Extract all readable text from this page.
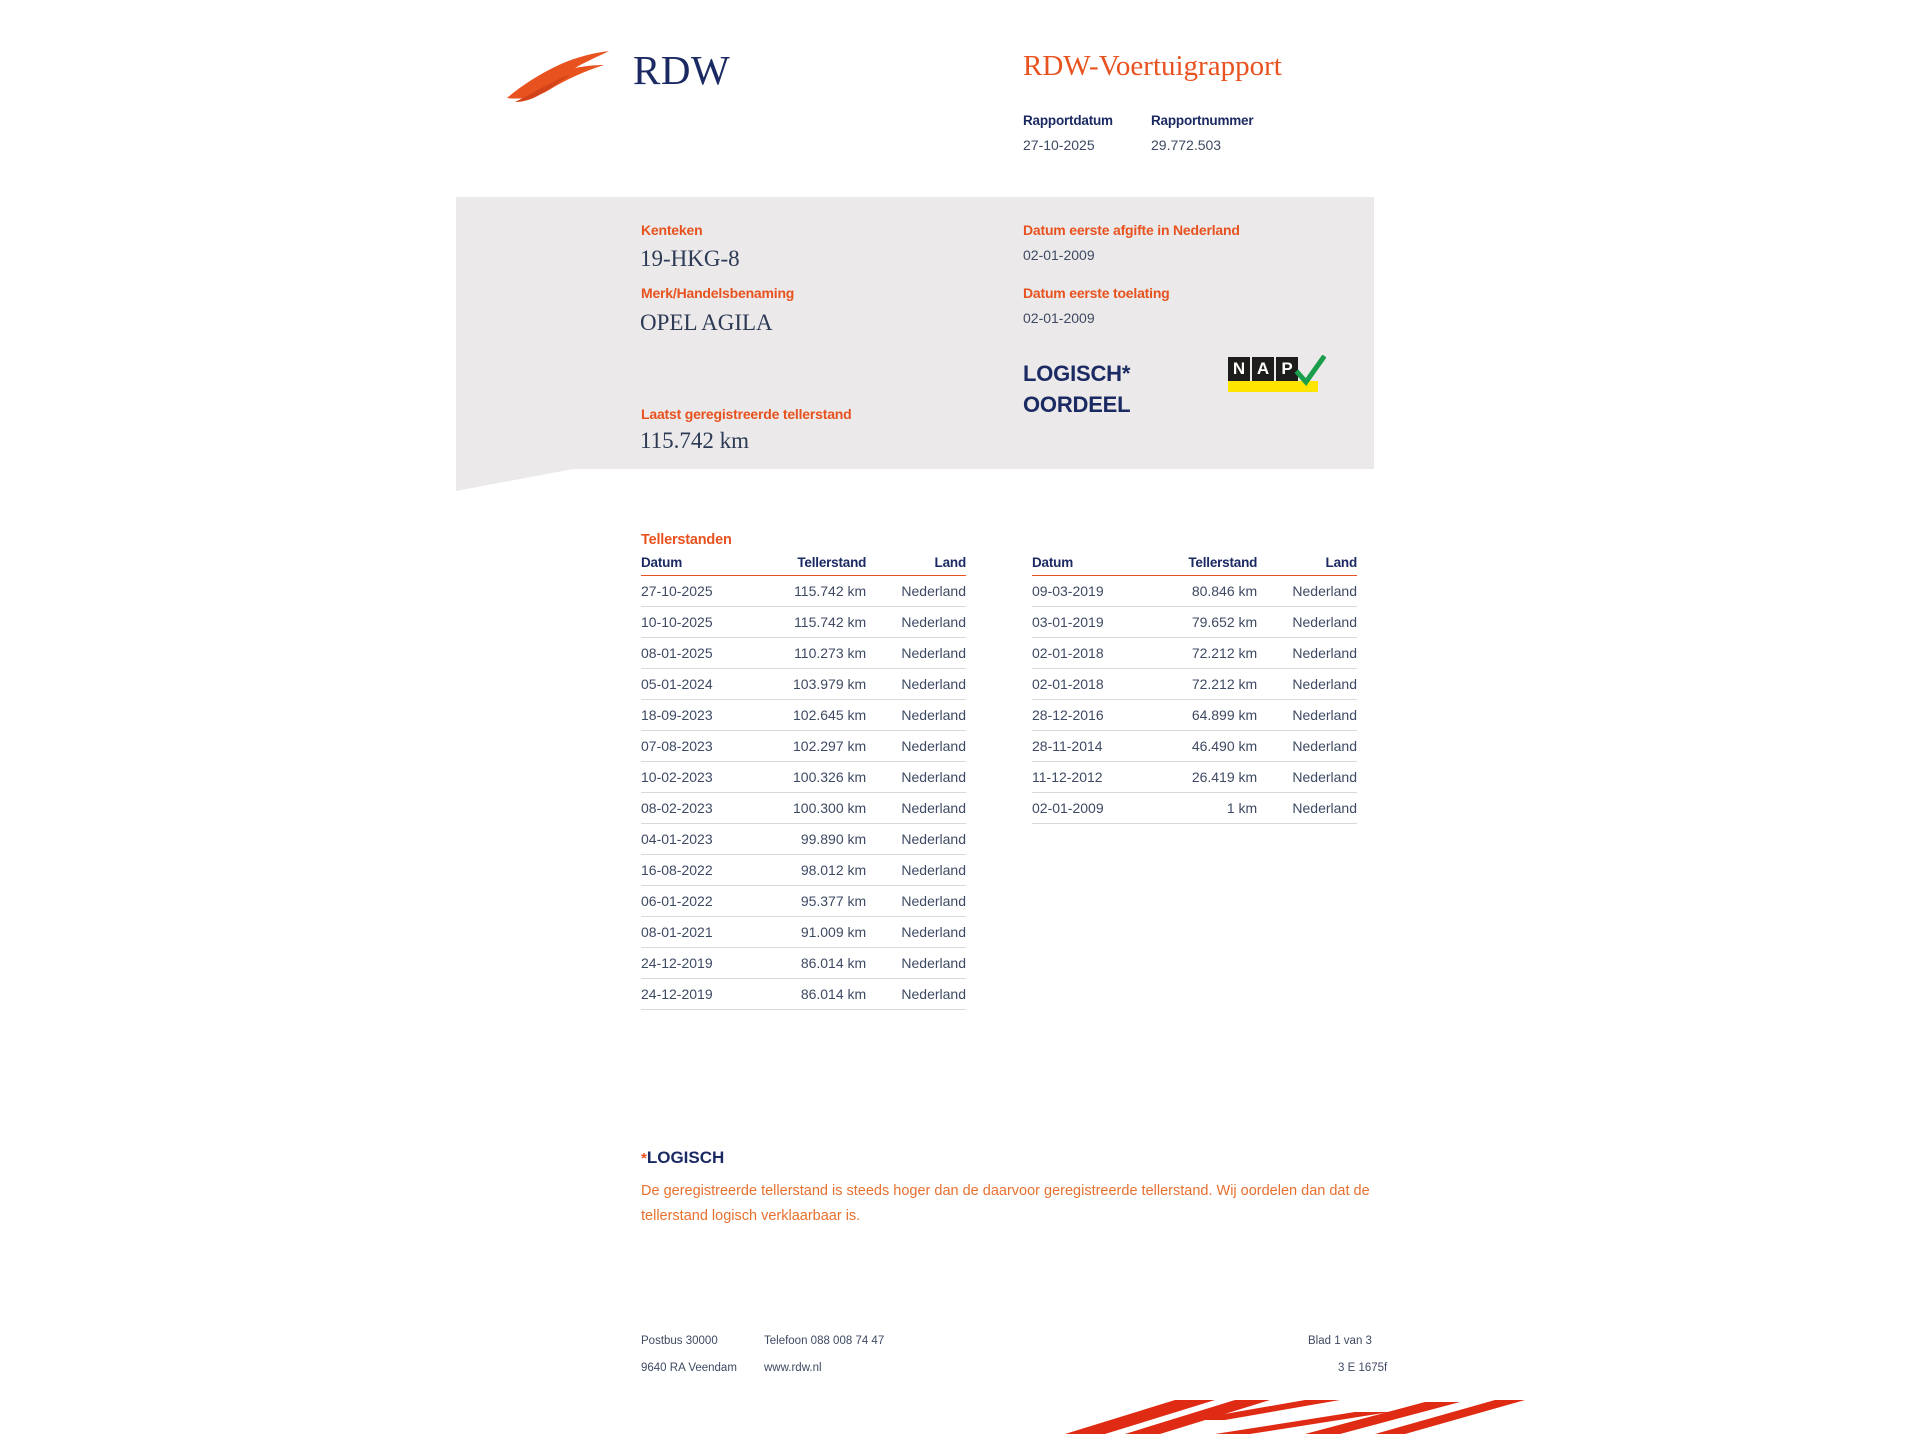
RDW	RDW-Voertuigrapport
Rapportdatum	Rapportnummer
27-10-2025	29.772.503
Kenteken
19-HKG-8
Merk/Handelsbenaming
OPEL AGILA
Laatst geregistreerde tellerstand
115.742 km
Datum eerste afgifte in Nederland
02-01-2009
Datum eerste toelating
02-01-2009
LOGISCH*
OORDEEL
N A P
Tellerstanden
Datum	Tellerstand	Land
27-10-2025	115.742 km	Nederland
10-10-2025	115.742 km	Nederland
08-01-2025	110.273 km	Nederland
05-01-2024	103.979 km	Nederland
18-09-2023	102.645 km	Nederland
07-08-2023	102.297 km	Nederland
10-02-2023	100.326 km	Nederland
08-02-2023	100.300 km	Nederland
04-01-2023	99.890 km	Nederland
16-08-2022	98.012 km	Nederland
06-01-2022	95.377 km	Nederland
08-01-2021	91.009 km	Nederland
24-12-2019	86.014 km	Nederland
24-12-2019	86.014 km	Nederland
Datum	Tellerstand	Land
09-03-2019	80.846 km	Nederland
03-01-2019	79.652 km	Nederland
02-01-2018	72.212 km	Nederland
02-01-2018	72.212 km	Nederland
28-12-2016	64.899 km	Nederland
28-11-2014	46.490 km	Nederland
11-12-2012	26.419 km	Nederland
02-01-2009	1 km	Nederland
*LOGISCH
De geregistreerde tellerstand is steeds hoger dan de daarvoor geregistreerde tellerstand. Wij oordelen dan dat de tellerstand logisch verklaarbaar is.
Postbus 30000
9640 RA Veendam
Telefoon 088 008 74 47
www.rdw.nl
Blad 1 van 3
3 E 1675f
